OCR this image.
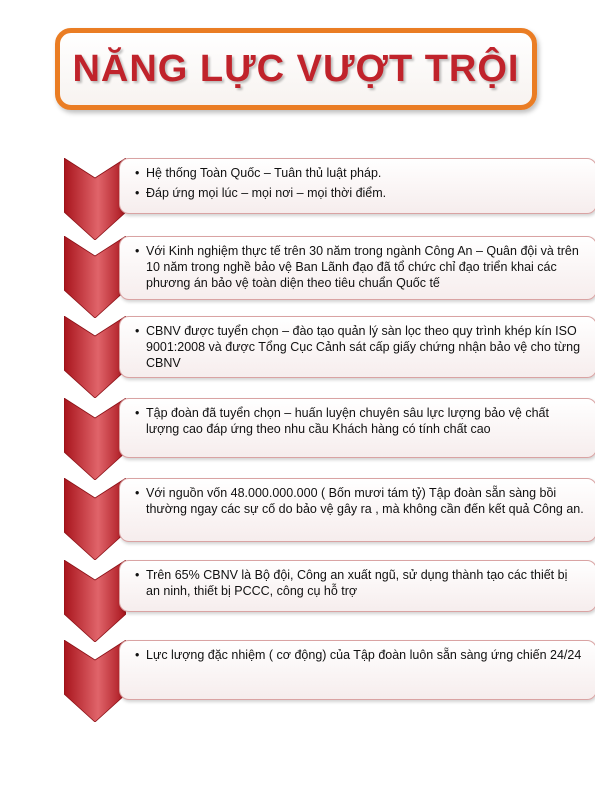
NĂNG LỰC VƯỢT TRỘI
• Hệ thống Toàn Quốc – Tuân thủ luật pháp.
• Đáp ứng mọi lúc – mọi nơi – mọi thời điểm.
• Với Kinh nghiệm thực tế trên 30 năm trong ngành Công An – Quân đội và trên 10 năm trong nghề bảo vệ Ban Lãnh đạo đã tổ chức chỉ đạo triển khai các phương án bảo vệ toàn diện theo tiêu chuẩn Quốc tế
• CBNV được tuyển chọn – đào tạo quản lý sàn lọc theo quy trình khép kín ISO 9001:2008 và được Tổng Cục Cảnh sát cấp giấy chứng nhận bảo vệ cho từng CBNV
• Tập đoàn đã tuyển chọn – huấn luyện chuyên sâu lực lượng bảo vệ chất lượng cao đáp ứng theo nhu cầu Khách hàng có tính chất cao
• Với nguồn vốn 48.000.000.000 ( Bốn mươi tám tỷ) Tập đoàn sẵn sàng bồi thường ngay các sự cố do bảo vệ gây ra , mà không cần đến kết quả Công an.
• Trên 65% CBNV là Bộ đội, Công an xuất ngũ, sử dụng thành tạo các thiết bị an ninh, thiết bị PCCC, công cụ hỗ trợ
• Lực lượng đặc nhiệm ( cơ động) của Tập đoàn luôn sẵn sàng ứng chiến 24/24
